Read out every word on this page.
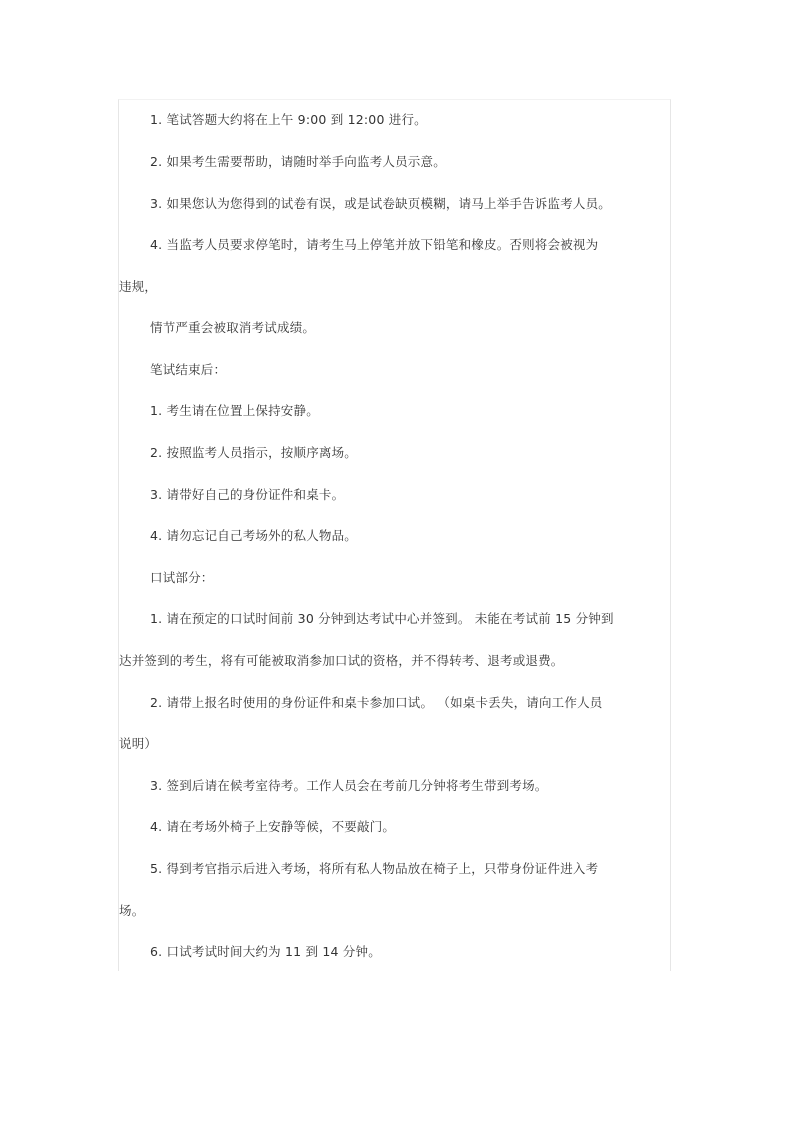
1. 笔试答题大约将在上午 9:00 到 12:00 进行。
2. 如果考生需要帮助，请随时举手向监考人员示意。
3. 如果您认为您得到的试卷有误，或是试卷缺页模糊，请马上举手告诉监考人员。
4. 当监考人员要求停笔时，请考生马上停笔并放下铅笔和橡皮。否则将会被视为
违规，
情节严重会被取消考试成绩。
笔试结束后：
1. 考生请在位置上保持安静。
2. 按照监考人员指示，按顺序离场。
3. 请带好自己的身份证件和桌卡。
4. 请勿忘记自己考场外的私人物品。
口试部分：
1. 请在预定的口试时间前 30 分钟到达考试中心并签到。 未能在考试前 15 分钟到
达并签到的考生，将有可能被取消参加口试的资格，并不得转考、退考或退费。
2. 请带上报名时使用的身份证件和桌卡参加口试。 （如桌卡丢失，请向工作人员
说明）
3. 签到后请在候考室待考。工作人员会在考前几分钟将考生带到考场。
4. 请在考场外椅子上安静等候，不要敲门。
5. 得到考官指示后进入考场，将所有私人物品放在椅子上，只带身份证件进入考
场。
6. 口试考试时间大约为 11 到 14 分钟。
